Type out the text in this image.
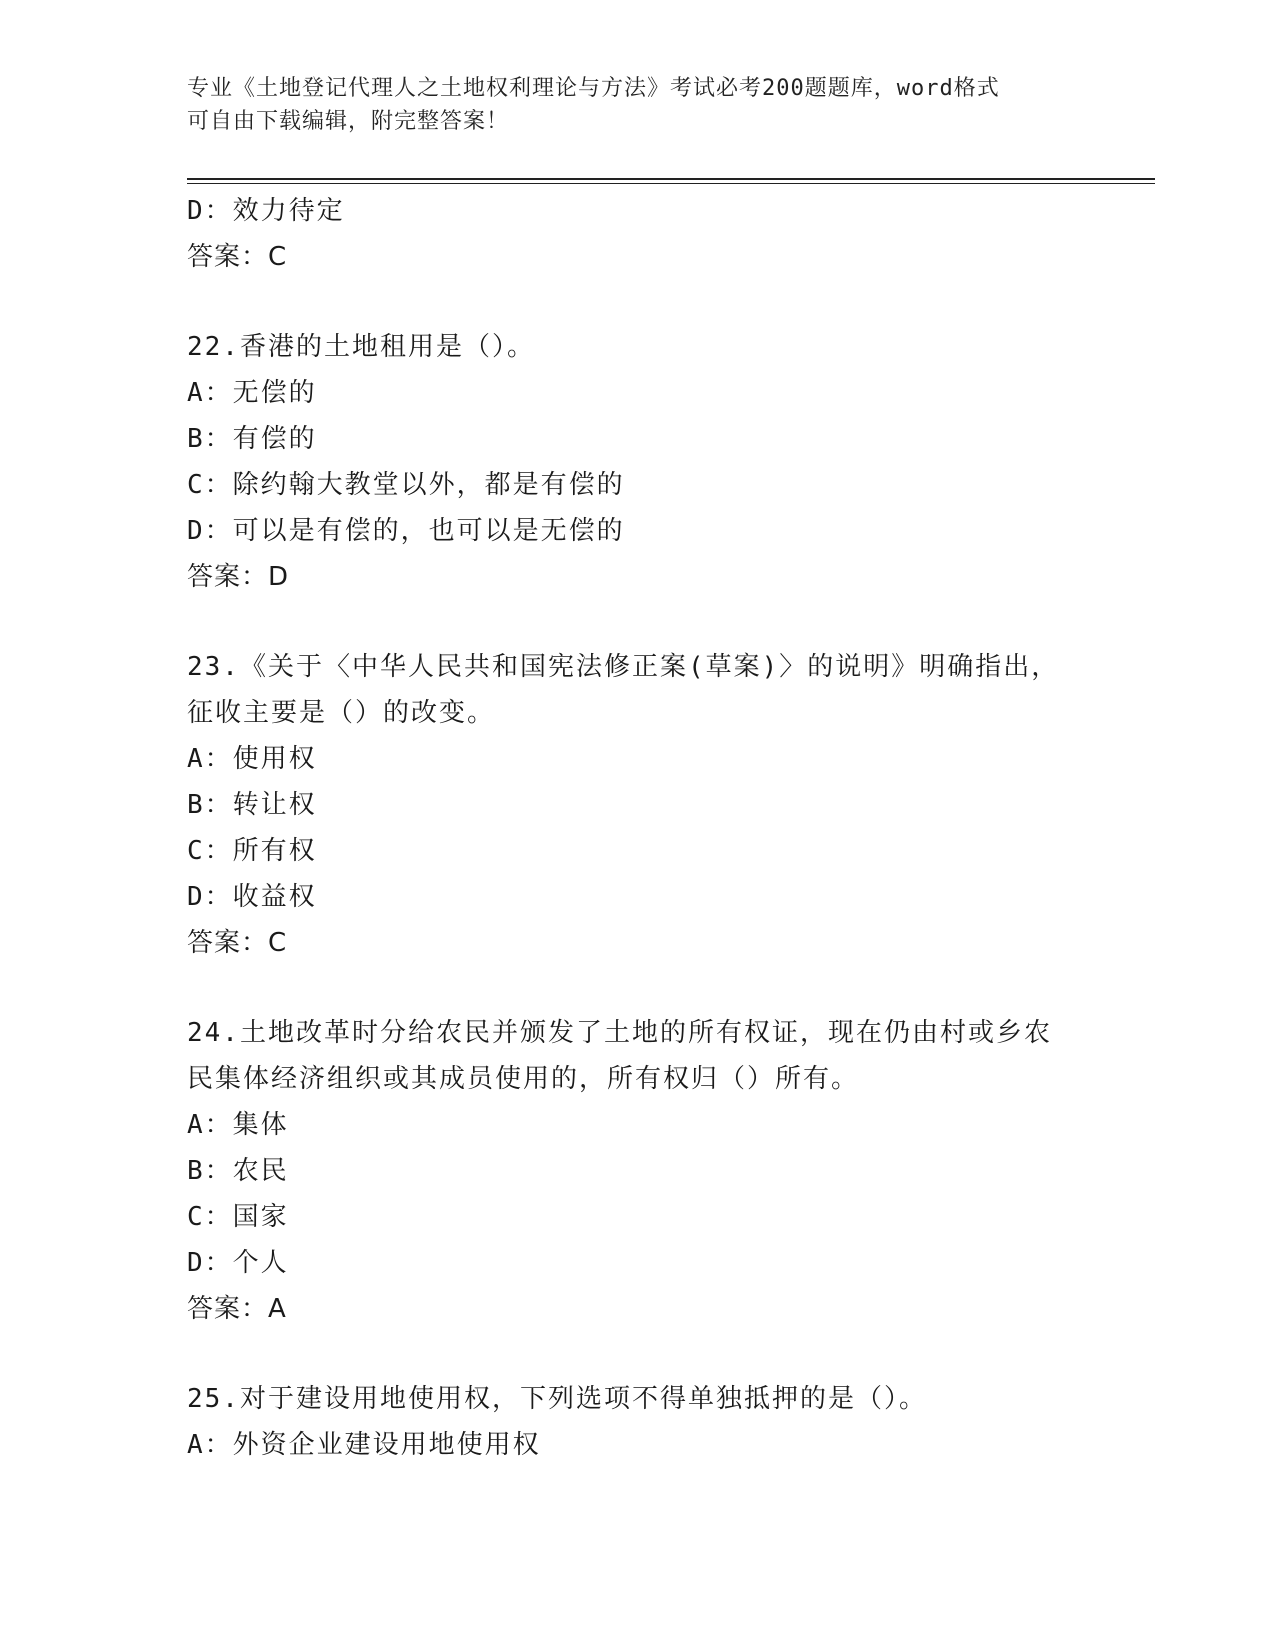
专业《土地登记代理人之土地权利理论与方法》考试必考200题题库，word格式
可自由下载编辑，附完整答案！
D：效力待定
答案：C
22.香港的土地租用是（）。
A：无偿的
B：有偿的
C：除约翰大教堂以外，都是有偿的
D：可以是有偿的，也可以是无偿的
答案：D
23.《关于〈中华人民共和国宪法修正案(草案)〉的说明》明确指出，
征收主要是（）的改变。
A：使用权
B：转让权
C：所有权
D：收益权
答案：C
24.土地改革时分给农民并颁发了土地的所有权证，现在仍由村或乡农
民集体经济组织或其成员使用的，所有权归（）所有。
A：集体
B：农民
C：国家
D：个人
答案：A
25.对于建设用地使用权，下列选项不得单独抵押的是（）。
A：外资企业建设用地使用权
